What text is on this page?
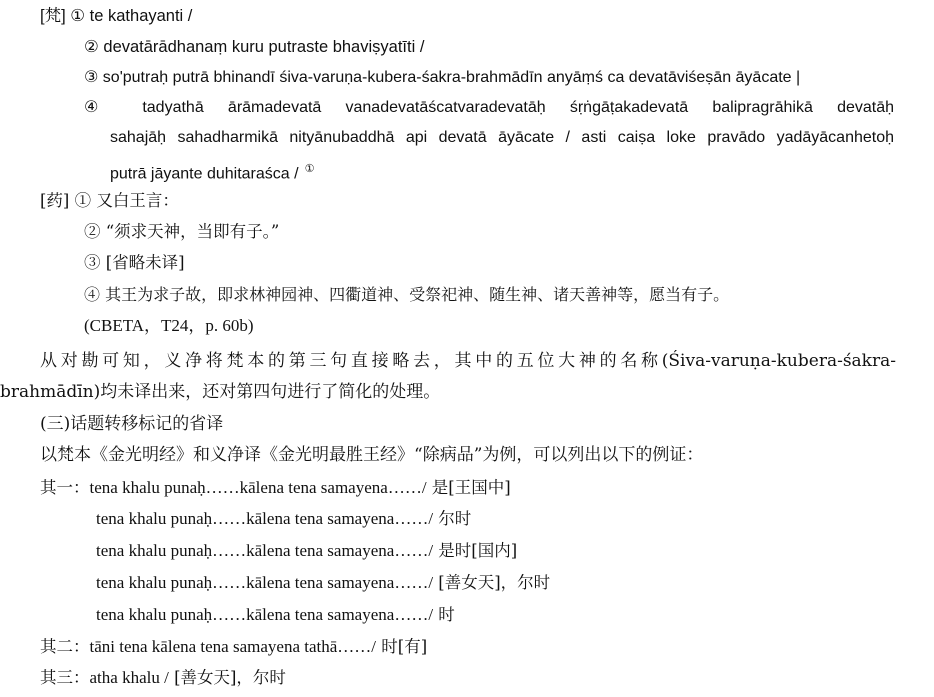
[梵] ① te kathayanti /
② devatārādhanaṃ kuru putraste bhaviṣyatīti /
③ so'putraḥ putrā bhinandī śiva-varuṇa-kubera-śakra-brahmādīn anyāṃś ca devatāviśeṣān āyācate |
④ tadyathā ārāmadevatā vanadevatāścatvaradevatāḥ śṛṅgāṭakadevatā balipragrāhikā devatāḥ
sahajāḥ sahadharmikā nityānubaddhā api devatā āyācate / asti caiṣa loke pravādo yadāyācanhetoḥ
putrā jāyante duhitaraśca / ①
[药] ① 又白王言：
② “须求天神，当即有子。”
③ [省略未译]
④ 其王为求子故，即求林神园神、四衢道神、受祭祀神、随生神、诸天善神等，愿当有子。
(CBETA，T24，p. 60b)
从对勘可知，义净将梵本的第三句直接略去，其中的五位大神的名称(Śiva-varuṇa-kubera-śakra-
brahmādīn)均未译出来，还对第四句进行了简化的处理。
(三)话题转移标记的省译
以梵本《金光明经》和义净译《金光明最胜王经》“除病品”为例，可以列出以下的例证：
其一：tena khalu punaḥ……kālena tena samayena……/ 是[王国中]
tena khalu punaḥ……kālena tena samayena……/ 尔时
tena khalu punaḥ……kālena tena samayena……/ 是时[国内]
tena khalu punaḥ……kālena tena samayena……/ [善女天]，尔时
tena khalu punaḥ……kālena tena samayena……/ 时
其二：tāni tena kālena tena samayena tathā……/ 时[有]
其三：atha khalu / [善女天]，尔时
